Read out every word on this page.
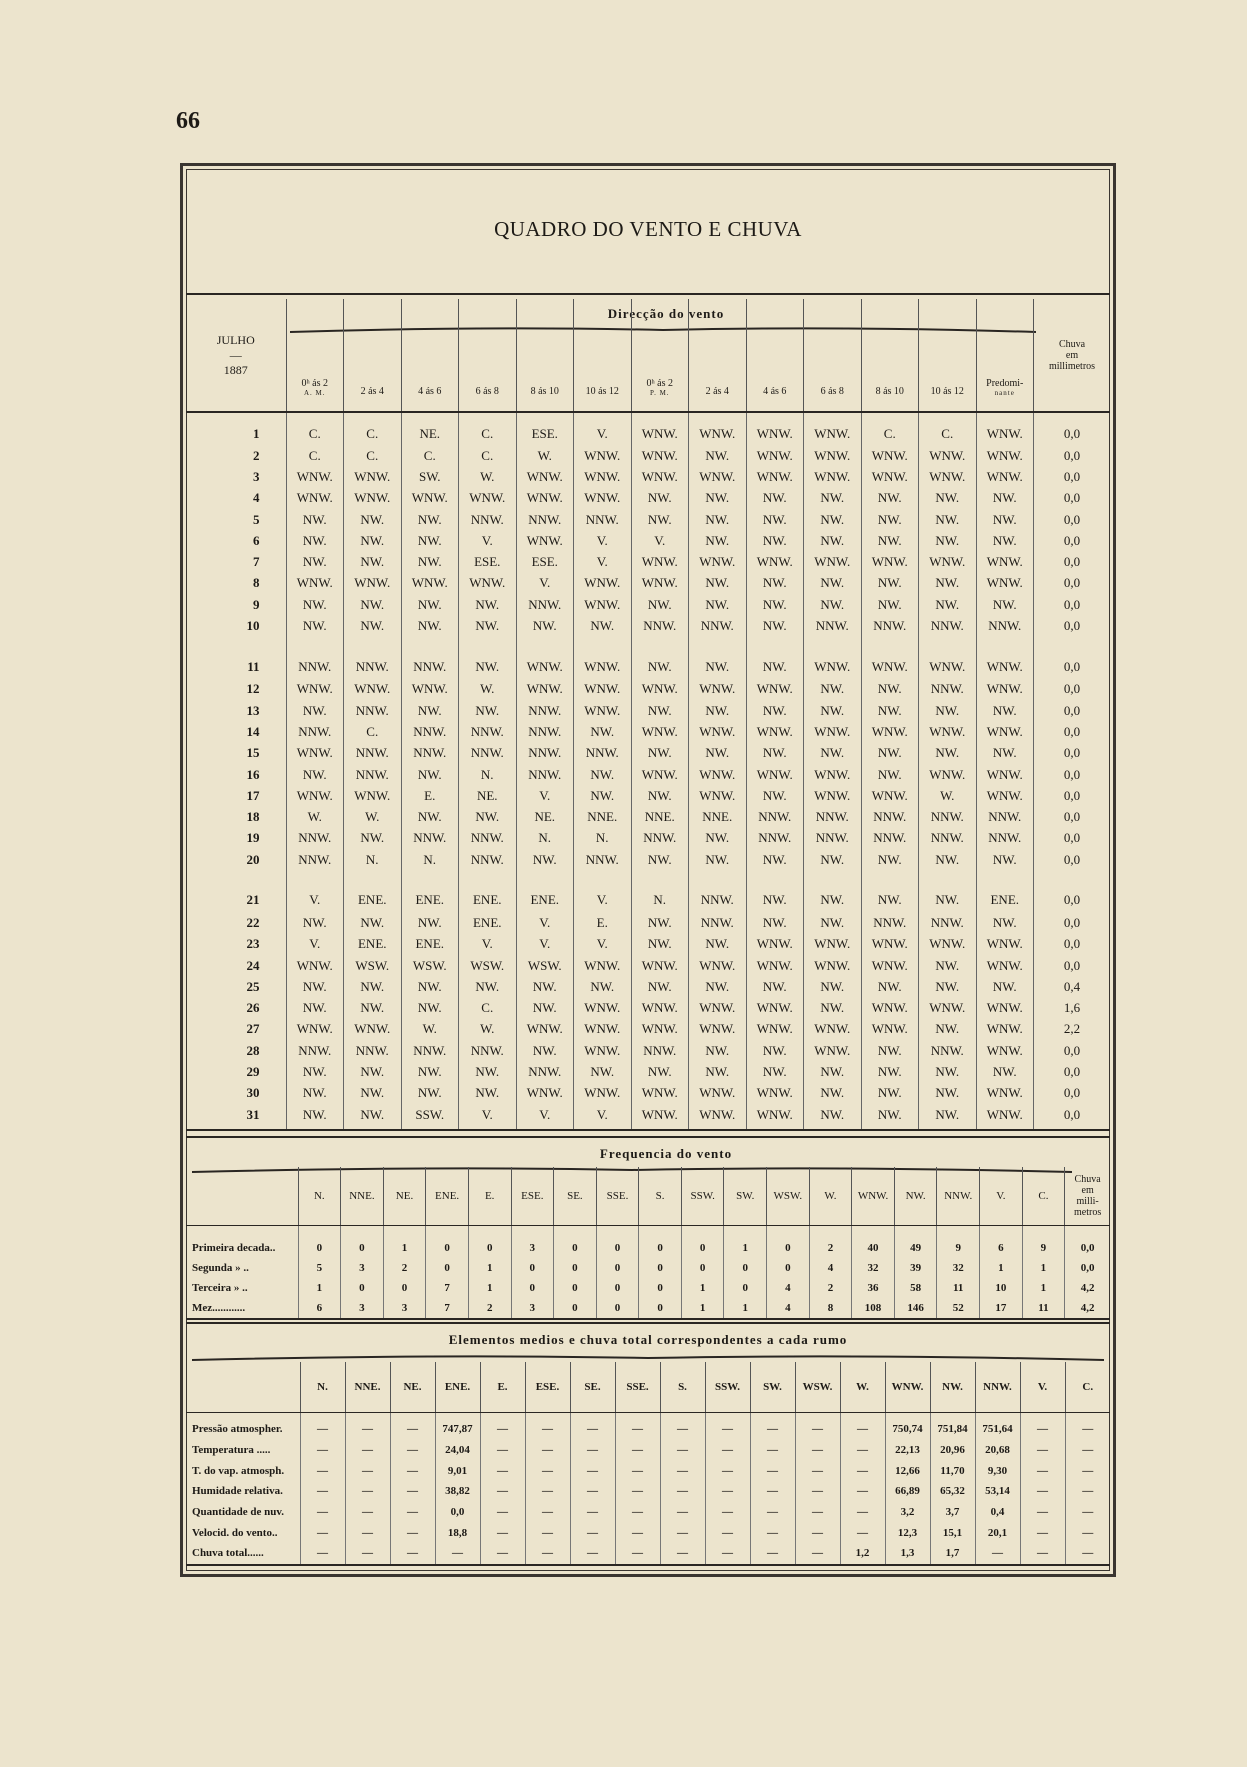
66
QUADRO DO VENTO E CHUVA
Direcção do vento
JULHO
—
1887	0ʰ ás 2
A. M.	2 ás 4	4 ás 6	6 ás 8	8 ás 10	10 ás 12	0ʰ ás 2
P. M.	2 ás 4	4 ás 6	6 ás 8	8 ás 10	10 ás 12	Predomi-
nante	Chuva
em
millimetros
1	C.	C.	NE.	C.	ESE.	V.	WNW.	WNW.	WNW.	WNW.	C.	C.	WNW.	0,0
2	C.	C.	C.	C.	W.	WNW.	WNW.	NW.	WNW.	WNW.	WNW.	WNW.	WNW.	0,0
3	WNW.	WNW.	SW.	W.	WNW.	WNW.	WNW.	WNW.	WNW.	WNW.	WNW.	WNW.	WNW.	0,0
4	WNW.	WNW.	WNW.	WNW.	WNW.	WNW.	NW.	NW.	NW.	NW.	NW.	NW.	NW.	0,0
5	NW.	NW.	NW.	NNW.	NNW.	NNW.	NW.	NW.	NW.	NW.	NW.	NW.	NW.	0,0
6	NW.	NW.	NW.	V.	WNW.	V.	V.	NW.	NW.	NW.	NW.	NW.	NW.	0,0
7	NW.	NW.	NW.	ESE.	ESE.	V.	WNW.	WNW.	WNW.	WNW.	WNW.	WNW.	WNW.	0,0
8	WNW.	WNW.	WNW.	WNW.	V.	WNW.	WNW.	NW.	NW.	NW.	NW.	NW.	WNW.	0,0
9	NW.	NW.	NW.	NW.	NNW.	WNW.	NW.	NW.	NW.	NW.	NW.	NW.	NW.	0,0
10	NW.	NW.	NW.	NW.	NW.	NW.	NNW.	NNW.	NW.	NNW.	NNW.	NNW.	NNW.	0,0
11	NNW.	NNW.	NNW.	NW.	WNW.	WNW.	NW.	NW.	NW.	WNW.	WNW.	WNW.	WNW.	0,0
12	WNW.	WNW.	WNW.	W.	WNW.	WNW.	WNW.	WNW.	WNW.	NW.	NW.	NNW.	WNW.	0,0
13	NW.	NNW.	NW.	NW.	NNW.	WNW.	NW.	NW.	NW.	NW.	NW.	NW.	NW.	0,0
14	NNW.	C.	NNW.	NNW.	NNW.	NW.	WNW.	WNW.	WNW.	WNW.	WNW.	WNW.	WNW.	0,0
15	WNW.	NNW.	NNW.	NNW.	NNW.	NNW.	NW.	NW.	NW.	NW.	NW.	NW.	NW.	0,0
16	NW.	NNW.	NW.	N.	NNW.	NW.	WNW.	WNW.	WNW.	WNW.	NW.	WNW.	WNW.	0,0
17	WNW.	WNW.	E.	NE.	V.	NW.	NW.	WNW.	NW.	WNW.	WNW.	W.	WNW.	0,0
18	W.	W.	NW.	NW.	NE.	NNE.	NNE.	NNE.	NNW.	NNW.	NNW.	NNW.	NNW.	0,0
19	NNW.	NW.	NNW.	NNW.	N.	N.	NNW.	NW.	NNW.	NNW.	NNW.	NNW.	NNW.	0,0
20	NNW.	N.	N.	NNW.	NW.	NNW.	NW.	NW.	NW.	NW.	NW.	NW.	NW.	0,0
21	V.	ENE.	ENE.	ENE.	ENE.	V.	N.	NNW.	NW.	NW.	NW.	NW.	ENE.	0,0
22	NW.	NW.	NW.	ENE.	V.	E.	NW.	NNW.	NW.	NW.	NNW.	NNW.	NW.	0,0
23	V.	ENE.	ENE.	V.	V.	V.	NW.	NW.	WNW.	WNW.	WNW.	WNW.	WNW.	0,0
24	WNW.	WSW.	WSW.	WSW.	WSW.	WNW.	WNW.	WNW.	WNW.	WNW.	WNW.	NW.	WNW.	0,0
25	NW.	NW.	NW.	NW.	NW.	NW.	NW.	NW.	NW.	NW.	NW.	NW.	NW.	0,4
26	NW.	NW.	NW.	C.	NW.	WNW.	WNW.	WNW.	WNW.	NW.	WNW.	WNW.	WNW.	1,6
27	WNW.	WNW.	W.	W.	WNW.	WNW.	WNW.	WNW.	WNW.	WNW.	WNW.	NW.	WNW.	2,2
28	NNW.	NNW.	NNW.	NNW.	NW.	WNW.	NNW.	NW.	NW.	WNW.	NW.	NNW.	WNW.	0,0
29	NW.	NW.	NW.	NW.	NNW.	NW.	NW.	NW.	NW.	NW.	NW.	NW.	NW.	0,0
30	NW.	NW.	NW.	NW.	WNW.	WNW.	WNW.	WNW.	WNW.	NW.	NW.	NW.	WNW.	0,0
31	NW.	NW.	SSW.	V.	V.	V.	WNW.	WNW.	WNW.	NW.	NW.	NW.	WNW.	0,0
Frequencia do vento
	N.	NNE.	NE.	ENE.	E.	ESE.	SE.	SSE.	S.	SSW.	SW.	WSW.	W.	WNW.	NW.	NNW.	V.	C.	Chuva
em
milli-
metros
Primeira decada..	0	0	1	0	0	3	0	0	0	0	1	0	2	40	49	9	6	9	0,0
Segunda » ..	5	3	2	0	1	0	0	0	0	0	0	0	4	32	39	32	1	1	0,0
Terceira » ..	1	0	0	7	1	0	0	0	0	1	0	4	2	36	58	11	10	1	4,2
Mez............	6	3	3	7	2	3	0	0	0	1	1	4	8	108	146	52	17	11	4,2
Elementos medios e chuva total correspondentes a cada rumo
	N.	NNE.	NE.	ENE.	E.	ESE.	SE.	SSE.	S.	SSW.	SW.	WSW.	W.	WNW.	NW.	NNW.	V.	C.
Pressão atmospher.	—	—	—	747,87	—	—	—	—	—	—	—	—	—	750,74	751,84	751,64	—	—
Temperatura .....	—	—	—	24,04	—	—	—	—	—	—	—	—	—	22,13	20,96	20,68	—	—
T. do vap. atmosph.	—	—	—	9,01	—	—	—	—	—	—	—	—	—	12,66	11,70	9,30	—	—
Humidade relativa.	—	—	—	38,82	—	—	—	—	—	—	—	—	—	66,89	65,32	53,14	—	—
Quantidade de nuv.	—	—	—	0,0	—	—	—	—	—	—	—	—	—	3,2	3,7	0,4	—	—
Velocid. do vento..	—	—	—	18,8	—	—	—	—	—	—	—	—	—	12,3	15,1	20,1	—	—
Chuva total......	—	—	—	—	—	—	—	—	—	—	—	—	1,2	1,3	1,7	—	—	—
